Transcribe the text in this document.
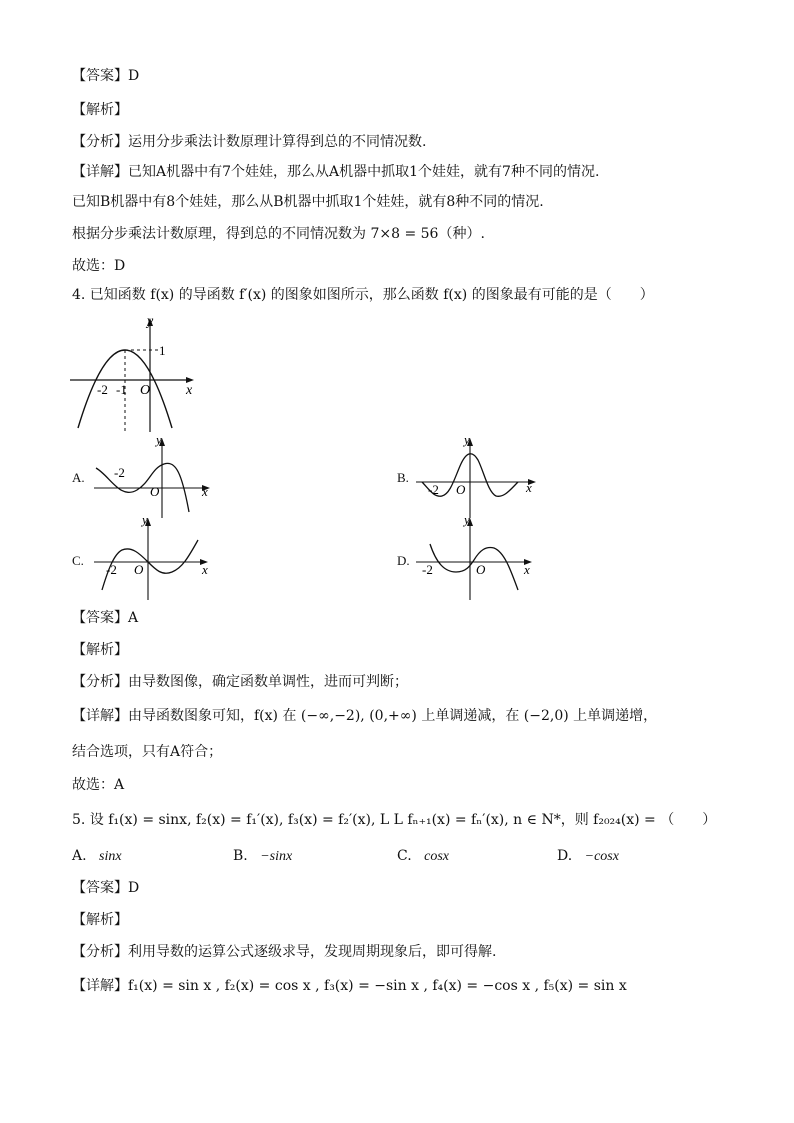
【答案】D
【解析】
【分析】运用分步乘法计数原理计算得到总的不同情况数.
【详解】已知A机器中有7个娃娃，那么从A机器中抓取1个娃娃，就有7种不同的情况.
已知B机器中有8个娃娃，那么从B机器中抓取1个娃娃，就有8种不同的情况.
根据分步乘法计数原理，得到总的不同情况数为 7×8 = 56（种）.
故选：D
4. 已知函数 f(x) 的导函数 f′(x) 的图象如图所示，那么函数 f(x) 的图象最有可能的是（　　）
y
x
O
-2 -1
1
A.
y
x
O
-2	B.
y
x
O
-2
C.
y
x
O
-2
D.
y
x
O
-2
【答案】A
【解析】
【分析】由导数图像，确定函数单调性，进而可判断；
【详解】由导函数图象可知，f(x) 在 (−∞,−2), (0,+∞) 上单调递减，在 (−2,0) 上单调递增，
结合选项，只有A符合；
故选：A
5. 设 f₁(x) = sinx, f₂(x) = f₁′(x), f₃(x) = f₂′(x), L L fₙ₊₁(x) = fₙ′(x), n ∈ N*，则 f₂₀₂₄(x) = （　　）
A. sinx	B. −sinx	C. cosx	D. −cosx
【答案】D
【解析】
【分析】利用导数的运算公式逐级求导，发现周期现象后，即可得解.
【详解】f₁(x) = sin x , f₂(x) = cos x , f₃(x) = −sin x , f₄(x) = −cos x , f₅(x) = sin x
